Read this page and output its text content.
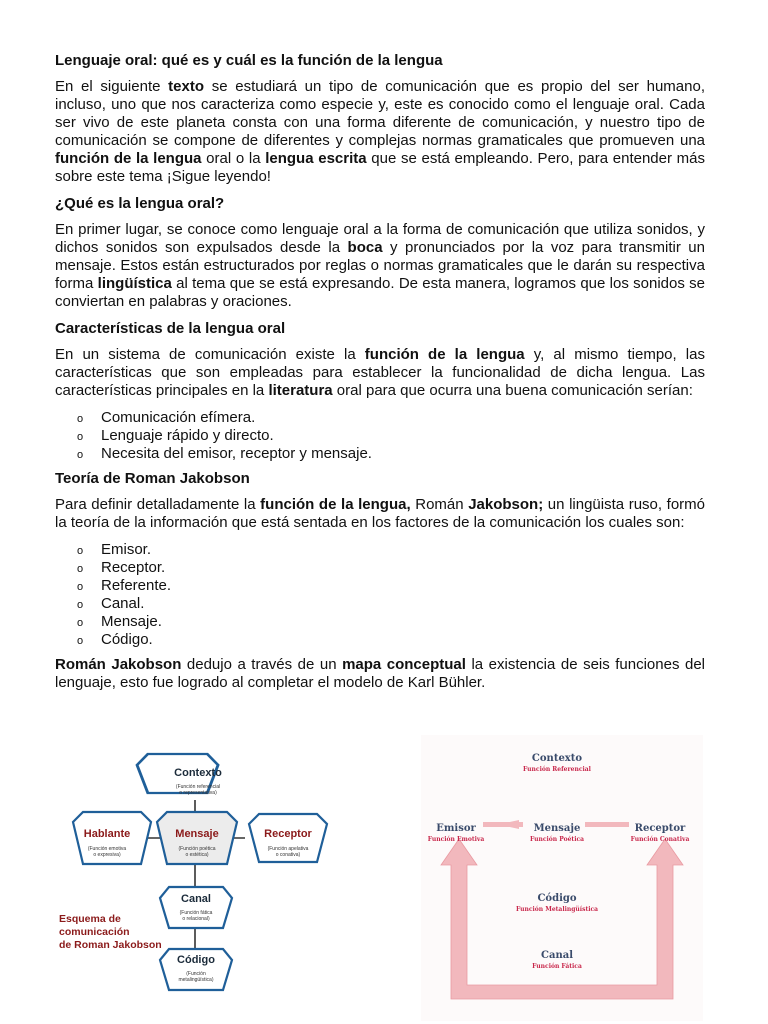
Lenguaje oral: qué es y cuál es la función de la lengua

En el siguiente texto se estudiará un tipo de comunicación que es propio del ser humano, incluso, uno que nos caracteriza como especie y, este es conocido como el lenguaje oral. Cada ser vivo de este planeta consta con una forma diferente de comunicación, y nuestro tipo de comunicación se compone de diferentes y complejas normas gramaticales que promueven una función de la lengua oral o la lengua escrita que se está empleando. Pero, para entender más sobre este tema ¡Sigue leyendo!

¿Qué es la lengua oral?

En primer lugar, se conoce como lenguaje oral a la forma de comunicación que utiliza sonidos, y dichos sonidos son expulsados desde la boca y pronunciados por la voz para transmitir un mensaje. Estos están estructurados por reglas o normas gramaticales que le darán su respectiva forma lingüística al tema que se está expresando. De esta manera, logramos que los sonidos se conviertan en palabras y oraciones.

Características de la lengua oral

En un sistema de comunicación existe la función de la lengua y, al mismo tiempo, las características que son empleadas para establecer la funcionalidad de dicha lengua. Las características principales en la literatura oral para que ocurra una buena comunicación serían:

o Comunicación efímera.
o Lenguaje rápido y directo.
o Necesita del emisor, receptor y mensaje.
Teoría de Roman Jakobson

Para definir detalladamente la función de la lengua, Román Jakobson; un lingüista ruso, formó la teoría de la información que está sentada en los factores de la comunicación los cuales son:

o Emisor.
o Receptor.
o Referente.
o Canal.
o Mensaje.
o Código.

Román Jakobson dedujo a través de un mapa conceptual la existencia de seis funciones del lenguaje, esto fue logrado al completar el modelo de Karl Bühler.

Contexto
(Función referencial
o representativa)
Hablante
(Función emotiva
o expresiva)
Mensaje
(Función poética
o estética)
Código
(Función
metalingüística)
Canal
(Función fática
o relacional)
Esquema de
comunicación
de Roman Jakobson
Receptor
(Función apelativa
o conativa)
Contexto
Función Referencial
Emisor
Función Emotiva
Mensaje
Función Poética
Receptor
Función Conativa
Código
Función Metalingüística
Canal
Función Fática
